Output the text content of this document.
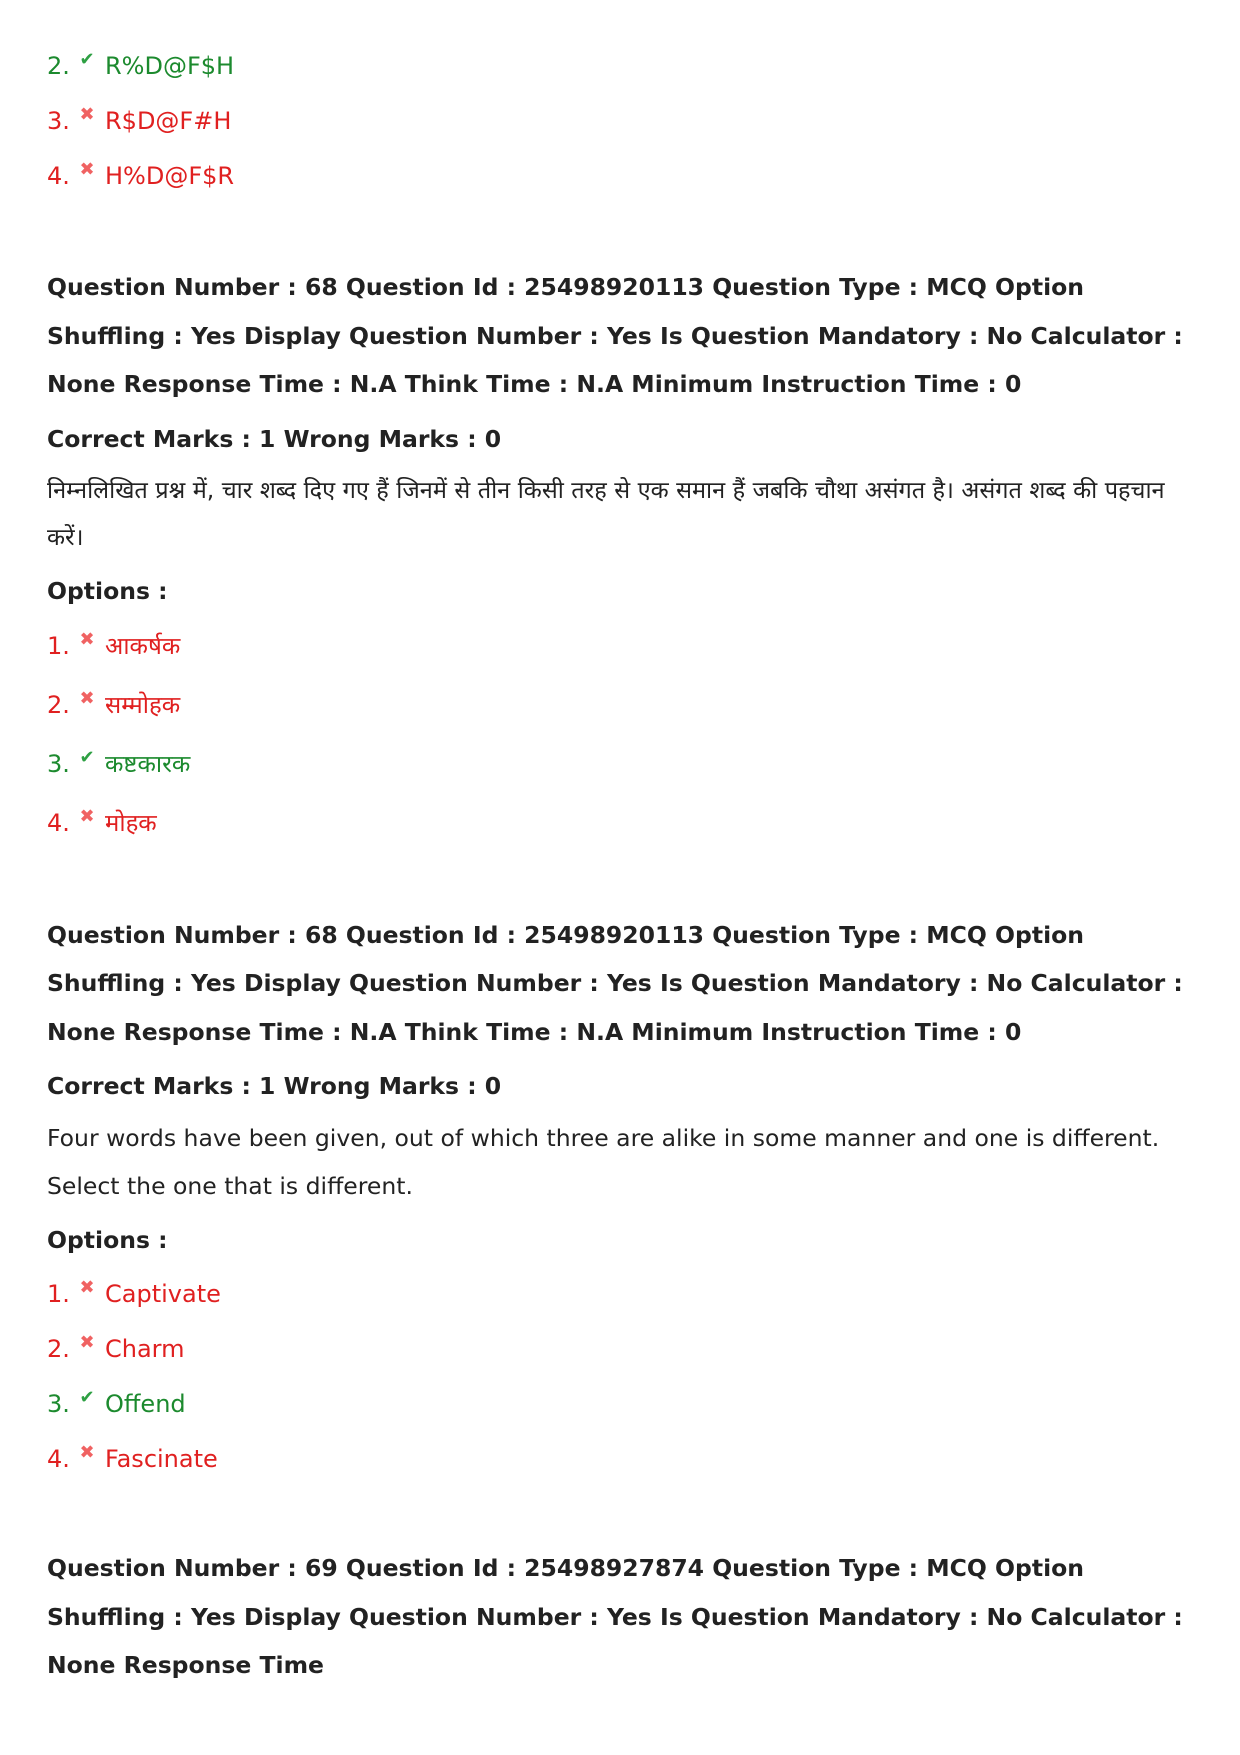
2. ✔ R%D@F$H
3. ✖ R$D@F#H
4. ✖ H%D@F$R
Question Number : 68 Question Id : 25498920113 Question Type : MCQ Option Shuffling : Yes Display Question Number : Yes Is Question Mandatory : No Calculator : None Response Time : N.A Think Time : N.A Minimum Instruction Time : 0
Correct Marks : 1 Wrong Marks : 0
निम्नलिखित प्रश्न में, चार शब्द दिए गए हैं जिनमें से तीन किसी तरह से एक समान हैं जबकि चौथा असंगत है। असंगत शब्द की पहचान करें।
Options :
1. ✖ आकर्षक
2. ✖ सम्मोहक
3. ✔ कष्टकारक
4. ✖ मोहक
Question Number : 68 Question Id : 25498920113 Question Type : MCQ Option Shuffling : Yes Display Question Number : Yes Is Question Mandatory : No Calculator : None Response Time : N.A Think Time : N.A Minimum Instruction Time : 0
Correct Marks : 1 Wrong Marks : 0
Four words have been given, out of which three are alike in some manner and one is different. Select the one that is different.
Options :
1. ✖ Captivate
2. ✖ Charm
3. ✔ Offend
4. ✖ Fascinate
Question Number : 69 Question Id : 25498927874 Question Type : MCQ Option Shuffling : Yes Display Question Number : Yes Is Question Mandatory : No Calculator : None Response Time
